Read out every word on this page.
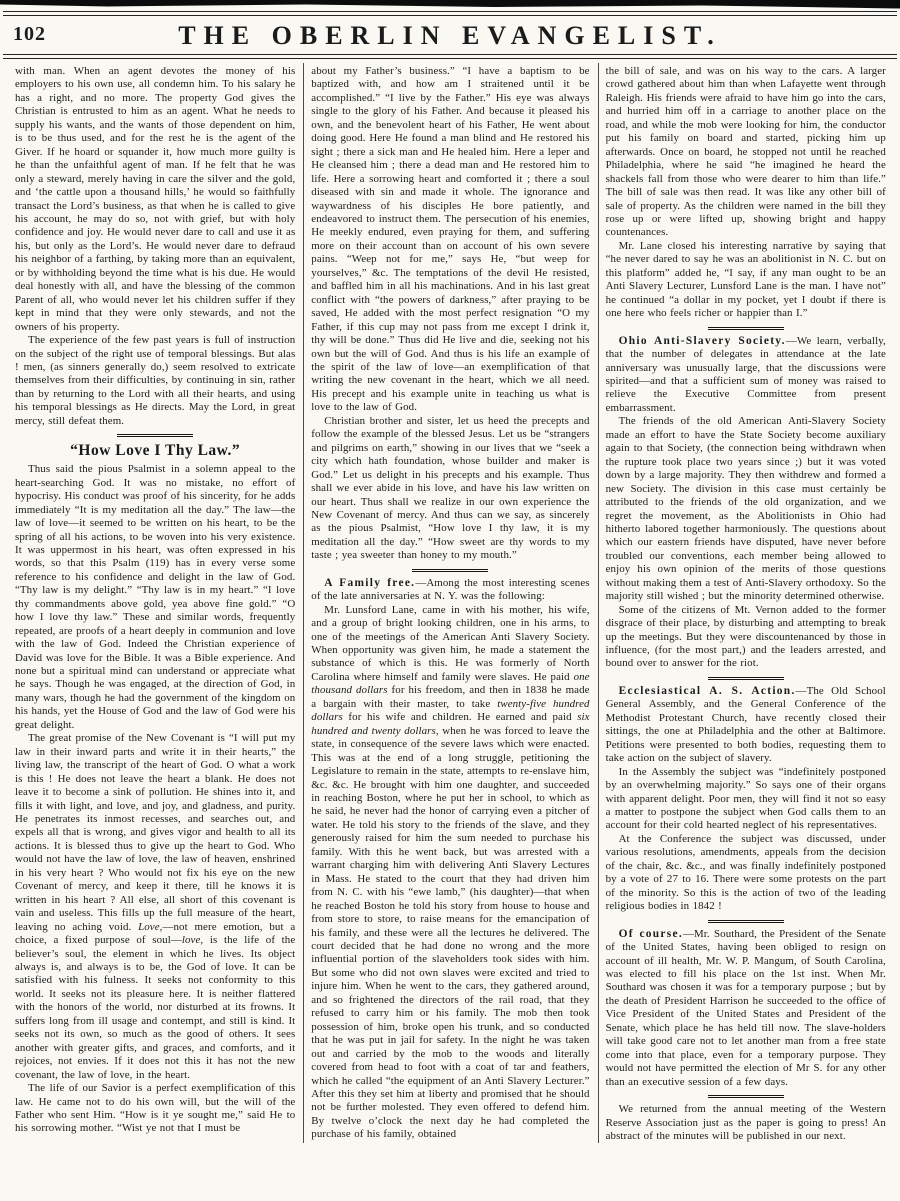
102	THE OBERLIN EVANGELIST.

with man. When an agent devotes the money of his employers to his own use, all condemn him. To his salary he has a right, and no more. The property God gives the Christian is entrusted to him as an agent. What he needs to supply his wants, and the wants of those dependent on him, is to be thus used, and for the rest he is the agent of the Giver. If he hoard or squander it, how much more guilty is he than the unfaithful agent of man. If he felt that he was only a steward, merely having in care the silver and the gold, and ‘the cattle upon a thousand hills,’ he would so faithfully transact the Lord’s business, as that when he is called to give his account, he may do so, not with grief, but with holy confidence and joy. He would never dare to call and use it as his, but only as the Lord’s. He would never dare to defraud his neighbor of a farthing, by taking more than an equivalent, or by withholding beyond the time what is his due. He would deal honestly with all, and have the blessing of the common Parent of all, who would never let his children suffer if they kept in mind that they were only stewards, and not the owners of his property.

The experience of the few past years is full of instruction on the subject of the right use of temporal blessings. But alas ! men, (as sinners generally do,) seem resolved to extricate themselves from their difficulties, by continuing in sin, rather than by returning to the Lord with all their hearts, and using his temporal blessings as He directs. May the Lord, in great mercy, still defeat them.

“How Love I Thy Law.”

Thus said the pious Psalmist in a solemn appeal to the heart-searching God. It was no mistake, no effort of hypocrisy. His conduct was proof of his sincerity, for he adds immediately “It is my meditation all the day.” The law—the law of love—it seemed to be written on his heart, to be the spring of all his actions, to be woven into his very existence. It was uppermost in his heart, was often expressed in his words, so that this Psalm (119) has in every verse some reference to his confidence and delight in the law of God. “Thy law is my delight.” “Thy law is in my heart.” “I love thy commandments above gold, yea above fine gold.” “O how I love thy law.” These and similar words, frequently repeated, are proofs of a heart deeply in communion and love with the law of God. Indeed the Christian experience of David was love for the Bible. It was a Bible experience. And none but a spiritual mind can understand or appreciate what he says. Though he was engaged, at the direction of God, in many wars, though he had the government of the kingdom on his hands, yet the House of God and the law of God were his great delight.

The great promise of the New Covenant is “I will put my law in their inward parts and write it in their hearts,” the living law, the transcript of the heart of God. O what a work is this ! He does not leave the heart a blank. He does not leave it to become a sink of pollution. He shines into it, and fills it with light, and love, and joy, and gladness, and purity. He penetrates its inmost recesses, and searches out, and expels all that is wrong, and gives vigor and health to all its actions. It is blessed thus to give up the heart to God. Who would not have the law of love, the law of heaven, enshrined in his very heart ? Who would not fix his eye on the new Covenant of mercy, and keep it there, till he knows it is written in his heart ? All else, all short of this covenant is vain and useless. This fills up the full measure of the heart, leaving no aching void. Love,—not mere emotion, but a choice, a fixed purpose of soul—love, is the life of the believer’s soul, the element in which he lives. Its object always is, and always is to be, the God of love. It can be satisfied with his fulness. It seeks not conformity to this world. It seeks not its pleasure here. It is neither flattered with the honors of the world, nor disturbed at its frowns. It suffers long from ill usage and contempt, and still is kind. It seeks not its own, so much as the good of others. It sees another with greater gifts, and graces, and comforts, and it rejoices, not envies. If it does not this it has not the new covenant, the law of love, in the heart.

The life of our Savior is a perfect exemplification of this law. He came not to do his own will, but the will of the Father who sent Him. “How is it ye sought me,” said He to his sorrowing mother. “Wist ye not that I must be

about my Father’s business.” “I have a baptism to be baptized with, and how am I straitened until it be accomplished.” “I live by the Father.” His eye was always single to the glory of his Father. And because it pleased his own, and the benevolent heart of his Father, He went about doing good. Here He found a man blind and He restored his sight ; there a sick man and He healed him. Here a leper and He cleansed him ; there a dead man and He restored him to life. Here a sorrowing heart and comforted it ; there a soul diseased with sin and made it whole. The ignorance and waywardness of his disciples He bore patiently, and endeavored to instruct them. The persecution of his enemies, He meekly endured, even praying for them, and suffering more on their account than on account of his own severe pains. “Weep not for me,” says He, “but weep for yourselves,” &c. The temptations of the devil He resisted, and baffled him in all his machinations. And in his last great conflict with “the powers of darkness,” after praying to be saved, He added with the most perfect resignation “O my Father, if this cup may not pass from me except I drink it, thy will be done.” Thus did He live and die, seeking not his own but the will of God. And thus is his life an example of the spirit of the law of love—an exemplification of that writing the new covenant in the heart, which we all need. His precept and his example unite in teaching us what is love to the law of God.

Christian brother and sister, let us heed the precepts and follow the example of the blessed Jesus. Let us be “strangers and pilgrims on earth,” showing in our lives that we “seek a city which hath foundation, whose builder and maker is God.” Let us delight in his precepts and his example. Thus shall we ever abide in his love, and have his law written on our heart. Thus shall we realize in our own experience the New Covenant of mercy. And thus can we say, as sincerely as the pious Psalmist, “How love I thy law, it is my meditation all the day.” “How sweet are thy words to my taste ; yea sweeter than honey to my mouth.”

A Family free.—Among the most interesting scenes of the late anniversaries at N. Y. was the following:

Mr. Lunsford Lane, came in with his mother, his wife, and a group of bright looking children, one in his arms, to one of the meetings of the American Anti Slavery Society. When opportunity was given him, he made a statement the substance of which is this. He was formerly of North Carolina where himself and family were slaves. He paid one thousand dollars for his freedom, and then in 1838 he made a bargain with their master, to take twenty-five hundred dollars for his wife and children. He earned and paid six hundred and twenty dollars, when he was forced to leave the state, in consequence of the severe laws which were enacted. This was at the end of a long struggle, petitioning the Legislature to remain in the state, attempts to re-enslave him, &c. &c. He brought with him one daughter, and succeeded in reaching Boston, where he put her in school, to which as he said, he never had the honor of carrying even a pitcher of water. He told his story to the friends of the slave, and they generously raised for him the sum needed to purchase his family. With this he went back, but was arrested with a warrant charging him with delivering Anti Slavery Lectures in Mass. He stated to the court that they had driven him from N. C. with his “ewe lamb,” (his daughter)—that when he reached Boston he told his story from house to house and from store to store, to raise means for the emancipation of his family, and these were all the lectures he delivered. The court decided that he had done no wrong and the more influential portion of the slaveholders took sides with him. But some who did not own slaves were excited and tried to injure him. When he went to the cars, they gathered around, and so frightened the directors of the rail road, that they refused to carry him or his family. The mob then took possession of him, broke open his trunk, and so conducted that he was put in jail for safety. In the night he was taken out and carried by the mob to the woods and literally covered from head to foot with a coat of tar and feathers, which he called “the equipment of an Anti Slavery Lecturer.” After this they set him at liberty and promised that he should not be further molested. They even offered to defend him. By twelve o’clock the next day he had completed the purchase of his family, obtained

the bill of sale, and was on his way to the cars. A larger crowd gathered about him than when Lafayette went through Raleigh. His friends were afraid to have him go into the cars, and hurried him off in a carriage to another place on the road, and while the mob were looking for him, the conductor put his family on board and started, picking him up afterwards. Once on board, he stopped not until he reached Philadelphia, where he said “he imagined he heard the shackels fall from those who were dearer to him than life.” The bill of sale was then read. It was like any other bill of sale of property. As the children were named in the bill they rose up or were lifted up, showing bright and happy countenances.

Mr. Lane closed his interesting narrative by saying that “he never dared to say he was an abolitionist in N. C. but on this platform” added he, “I say, if any man ought to be an Anti Slavery Lecturer, Lunsford Lane is the man. I have not” he continued “a dollar in my pocket, yet I doubt if there is one here who feels richer or happier than I.”

Ohio Anti-Slavery Society.—We learn, verbally, that the number of delegates in attendance at the late anniversary was unusually large, that the discussions were spirited—and that a sufficient sum of money was raised to relieve the Executive Committee from present embarrassment.

The friends of the old American Anti-Slavery Society made an effort to have the State Society become auxiliary again to that Society, (the connection being withdrawn when the rupture took place two years since ;) but it was voted down by a large majority. They then withdrew and formed a new Society. The division in this case must certainly be attributed to the friends of the old organization, and we regret the movement, as the Abolitionists in Ohio had hitherto labored together harmoniously. The questions about which our eastern friends have disputed, have never before troubled our conventions, each member being allowed to enjoy his own opinion of the merits of those questions without making them a test of Anti-Slavery orthodoxy. So the majority still wished ; but the minority determined otherwise.

Some of the citizens of Mt. Vernon added to the former disgrace of their place, by disturbing and attempting to break up the meetings. But they were discountenanced by those in influence, (for the most part,) and the leaders arrested, and bound over to answer for the riot.

Ecclesiastical A. S. Action.—The Old School General Assembly, and the General Conference of the Methodist Protestant Church, have recently closed their sittings, the one at Philadelphia and the other at Baltimore. Petitions were presented to both bodies, requesting them to take action on the subject of slavery.

In the Assembly the subject was “indefinitely postponed by an overwhelming majority.” So says one of their organs with apparent delight. Poor men, they will find it not so easy a matter to postpone the subject when God calls them to an account for their cold hearted neglect of his representatives.

At the Conference the subject was discussed, under various resolutions, amendments, appeals from the decision of the chair, &c. &c., and was finally indefinitely postponed by a vote of 27 to 16. There were some protests on the part of the minority. So this is the action of two of the leading religious bodies in 1842 !

Of course.—Mr. Southard, the President of the Senate of the United States, having been obliged to resign on account of ill health, Mr. W. P. Mangum, of South Carolina, was elected to fill his place on the 1st inst. When Mr. Southard was chosen it was for a temporary purpose ; but by the death of President Harrison he succeeded to the office of Vice President of the United States and President of the Senate, which place he has held till now. The slave-holders will take good care not to let another man from a free state come into that place, even for a temporary purpose. They would not have permitted the election of Mr S. for any other than an executive session of a few days.

We returned from the annual meeting of the Western Reserve Association just as the paper is going to press! An abstract of the minutes will be published in our next.
